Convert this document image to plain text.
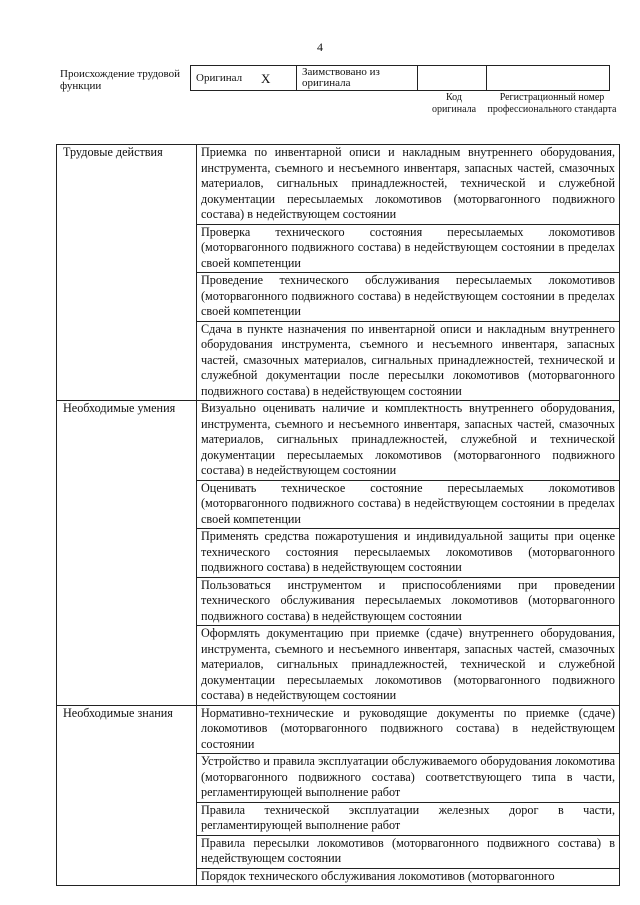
4
Происхождение трудовой функции
Оригинал	X	Заимствовано из оригинала		
Код оригинала
Регистрационный номер профессионального стандарта
Трудовые действия	Приемка по инвентарной описи и накладным внутреннего оборудования, инструмента, съемного и несъемного инвентаря, запасных частей, смазочных материалов, сигнальных принадлежностей, технической и служебной документации пересылаемых локомотивов (моторвагонного подвижного состава) в недействующем состоянии
	Проверка технического состояния пересылаемых локомотивов (моторвагонного подвижного состава) в недействующем состоянии в пределах своей компетенции
	Проведение технического обслуживания пересылаемых локомотивов (моторвагонного подвижного состава) в недействующем состоянии в пределах своей компетенции
	Сдача в пункте назначения по инвентарной описи и накладным внутреннего оборудования инструмента, съемного и несъемного инвентаря, запасных частей, смазочных материалов, сигнальных принадлежностей, технической и служебной документации после пересылки локомотивов (моторвагонного подвижного состава) в недействующем состоянии
Необходимые умения	Визуально оценивать наличие и комплектность внутреннего оборудования, инструмента, съемного и несъемного инвентаря, запасных частей, смазочных материалов, сигнальных принадлежностей, служебной и технической документации пересылаемых локомотивов (моторвагонного подвижного состава) в недействующем состоянии
	Оценивать техническое состояние пересылаемых локомотивов (моторвагонного подвижного состава) в недействующем состоянии в пределах своей компетенции
	Применять средства пожаротушения и индивидуальной защиты при оценке технического состояния пересылаемых локомотивов (моторвагонного подвижного состава) в недействующем состоянии
	Пользоваться инструментом и приспособлениями при проведении технического обслуживания пересылаемых локомотивов (моторвагонного подвижного состава) в недействующем состоянии
	Оформлять документацию при приемке (сдаче) внутреннего оборудования, инструмента, съемного и несъемного инвентаря, запасных частей, смазочных материалов, сигнальных принадлежностей, технической и служебной документации пересылаемых локомотивов (моторвагонного подвижного состава) в недействующем состоянии
Необходимые знания	Нормативно-технические и руководящие документы по приемке (сдаче) локомотивов (моторвагонного подвижного состава) в недействующем состоянии
	Устройство и правила эксплуатации обслуживаемого оборудования локомотива (моторвагонного подвижного состава) соответствующего типа в части, регламентирующей выполнение работ
	Правила технической эксплуатации железных дорог в части, регламентирующей выполнение работ
	Правила пересылки локомотивов (моторвагонного подвижного состава) в недействующем состоянии
	Порядок технического обслуживания локомотивов (моторвагонного
